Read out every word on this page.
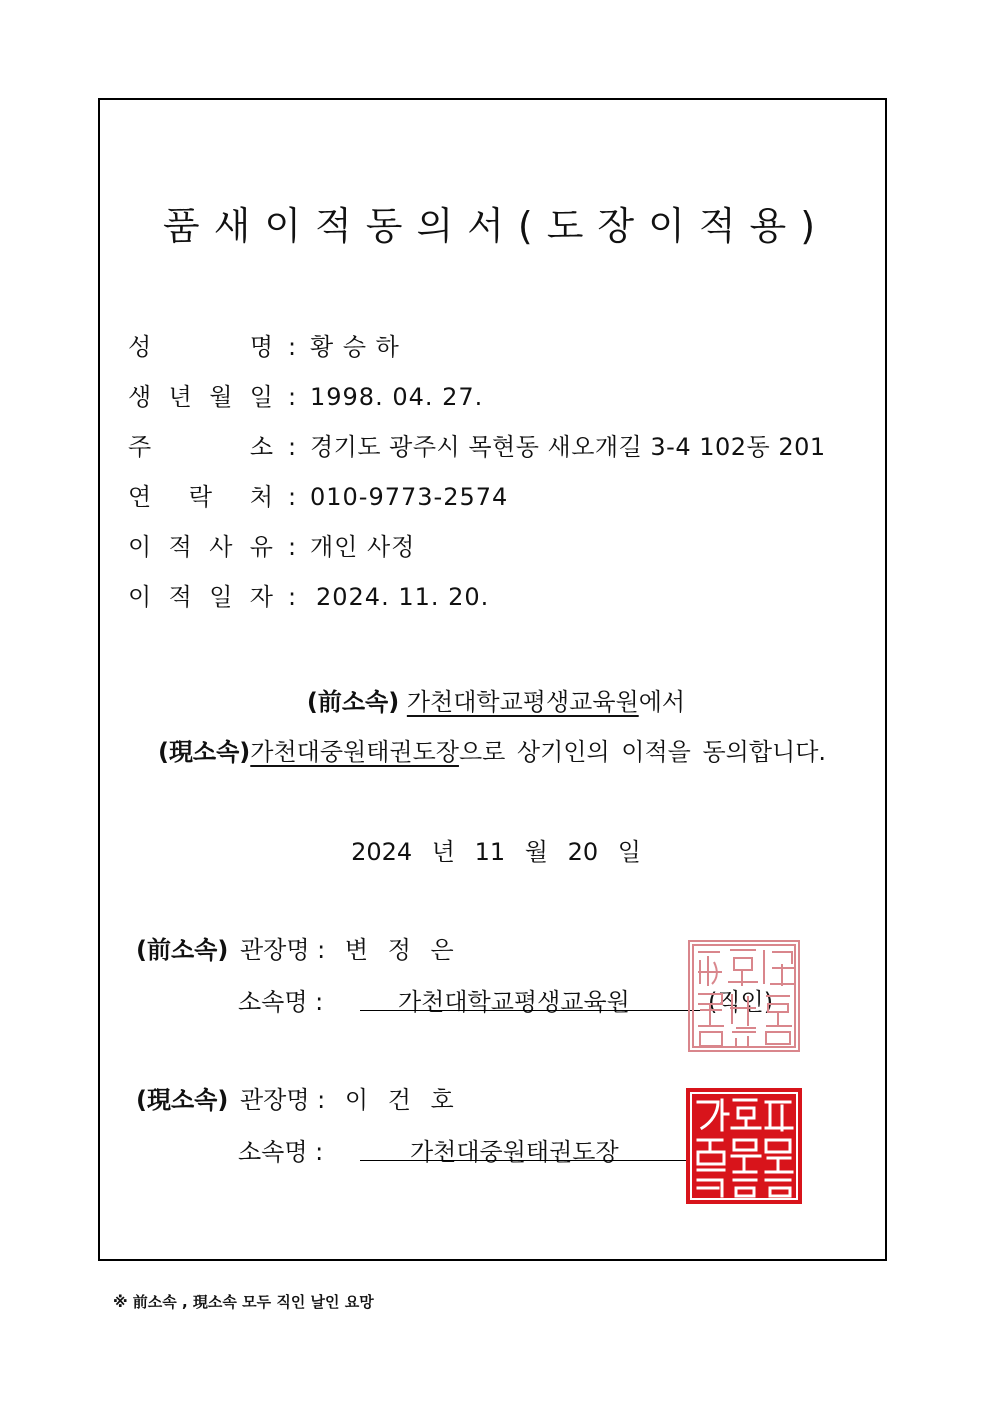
품새이적동의서(도장이적용)
성	명 : 황 승 하
생 년 월 일 : 1998. 04. 27.
주	소 : 경기도 광주시 목현동 새오개길 3-4 102동 201
연 락 처 : 010-9773-2574
이 적 사 유 : 개인 사정
이 적 일 자 : 2024. 11. 20.
(前소속) 가천대학교평생교육원에서
(現소속)가천대중원태권도장으로 상기인의 이적을 동의합니다.
2024 년 11 월 20 일
(前소속) 관장명 : 변 정 은
소속명 :	가천대학교평생교육원	(직인)
(現소속) 관장명 : 이 건 호
소속명 :	가천대중원태권도장
※ 前소속 , 現소속 모두 직인 날인 요망
